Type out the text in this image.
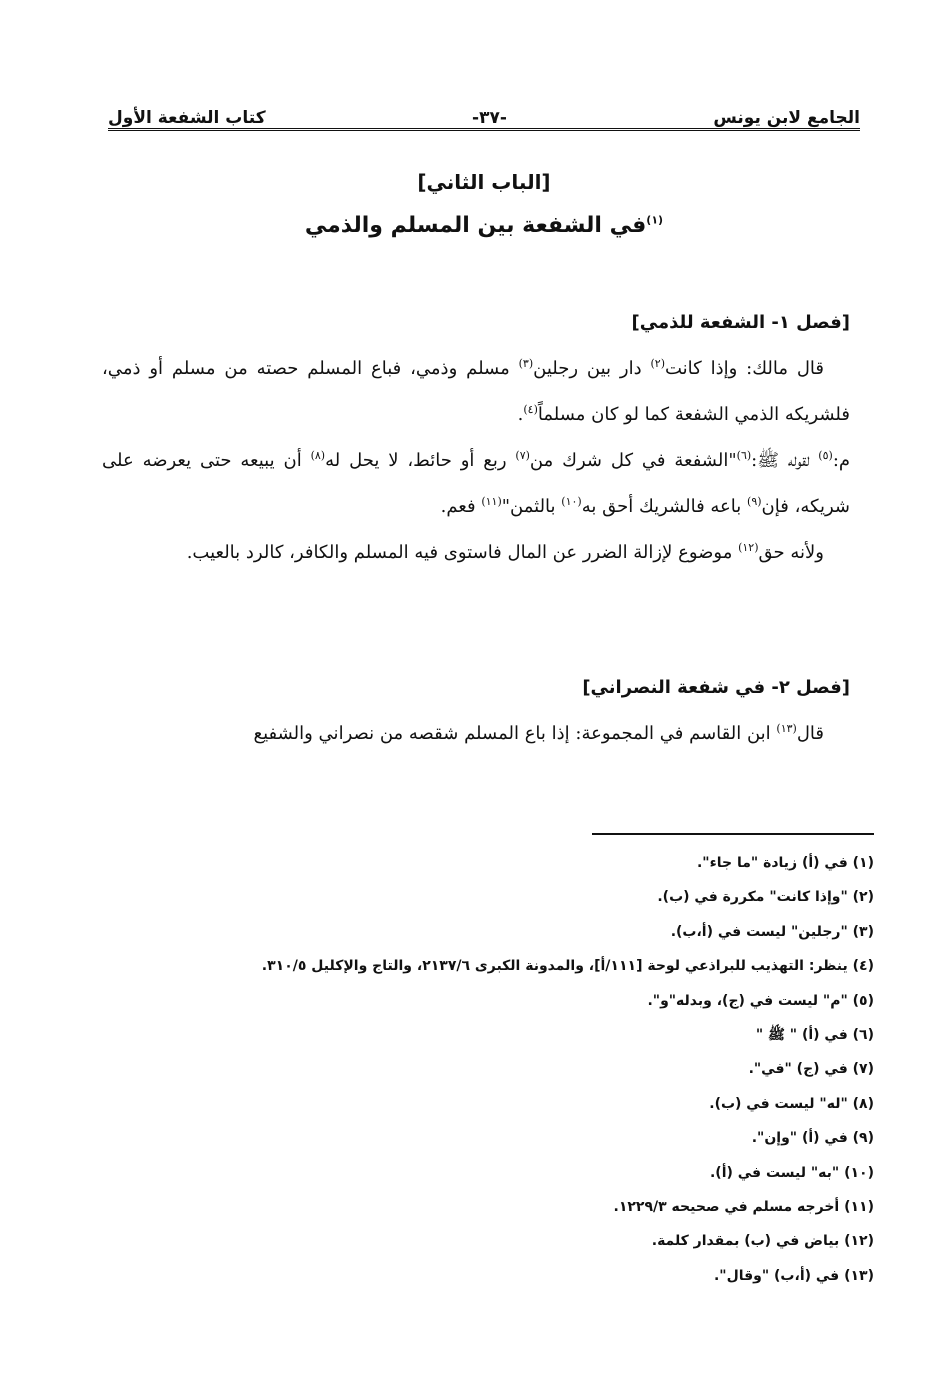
الجامع لابن يونس
-٣٧-
كتاب الشفعة الأول
[الباب الثاني]
$^{(١)}$في الشفعة بين المسلم والذمي

[فصل ١- الشفعة للذمي]

قال مالك: وإذا كانت$^{(٢)}$ دار بين رجلين$^{(٣)}$ مسلم وذمي، فباع المسلم حصته من مسلم أو ذمي، فلشريكه الذمي الشفعة كما لو كان مسلماً$^{(٤)}$.

م:$^{(٥)}$ لقوله ﷺ:$^{(٦)}$"الشفعة في كل شرك من$^{(٧)}$ ربع أو حائط، لا يحل له$^{(٨)}$ أن يبيعه حتى يعرضه على شريكه، فإن$^{(٩)}$ باعه فالشريك أحق به$^{(١٠)}$ بالثمن"$^{(١١)}$ فعم.

ولأنه حق$^{(١٢)}$ موضوع لإزالة الضرر عن المال فاستوى فيه المسلم والكافر، كالرد بالعيب.

[فصل ٢- في شفعة النصراني]

قال$^{(١٣)}$ ابن القاسم في المجموعة: إذا باع المسلم شقصه من نصراني والشفيع

(١) في (أ) زيادة "ما جاء".
(٢) "وإذا كانت" مكررة في (ب).
(٣) "رجلين" ليست في (أ،ب).
(٤) ينظر: التهذيب للبراذعي لوحة [١١١/أ]، والمدونة الكبرى ٢١٣٧/٦، والتاج والإكليل ٣١٠/٥.
(٥) "م" ليست في (ج)، وبدله"و".
(٦) في (أ) " ﷺ "
(٧) في (ج) "في".
(٨) "له" ليست في (ب).
(٩) في (أ) "وإن".
(١٠) "به" ليست في (أ).
(١١) أخرجه مسلم في صحيحه ١٢٢٩/٣.
(١٢) بياض في (ب) بمقدار كلمة.
(١٣) في (أ،ب) "وقال".
